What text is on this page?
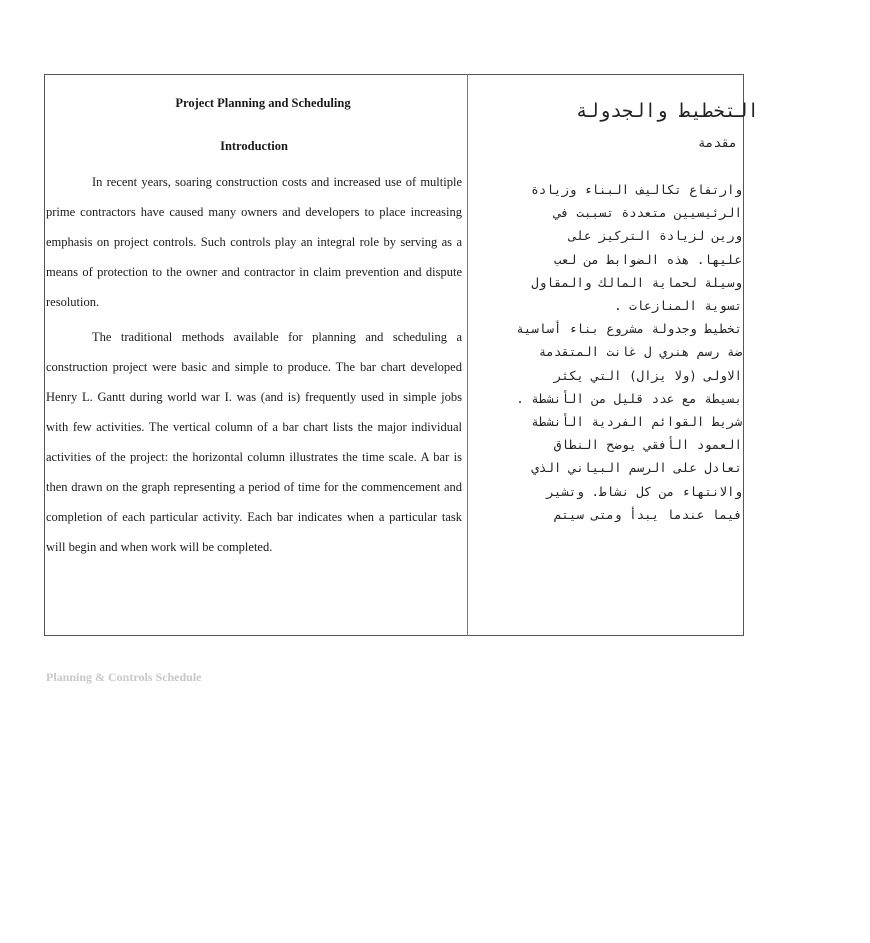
Project Planning and Scheduling
Introduction

In recent years, soaring construction costs and increased use of multiple prime contractors have caused many owners and developers to place increasing emphasis on project controls. Such controls play an integral role by serving as a means of protection to the owner and contractor in claim prevention and dispute resolution.

The traditional methods available for planning and scheduling a construction project were basic and simple to produce. The bar chart developed Henry L. Gantt during world war I. was (and is) frequently used in simple jobs with few activities. The vertical column of a bar chart lists the major individual activities of the project: the horizontal column illustrates the time scale. A bar is then drawn on the graph representing a period of time for the commencement and completion of each particular activity. Each bar indicates when a particular task will begin and when work will be completed.

التخطيط والجدولة
مقدمة
وارتفاع تكاليف البناء وزيادة
الرئيسيين متعددة تسببت في
ورين لزيادة التركيز على
عليها. هذه الضوابط من لعب
وسيلة لحماية المالك والمقاول
تسوية المنازعات .
تخطيط وجدولة مشروع بناء أساسية
ضة رسم هنري ل غانت المتقدمة
الاولى (ولا يزال) التي يكثر
بسيطة مع عدد قليل من الأنشطة .
شريط القوائم الفردية الأنشطة
العمود الأفقي يوضح النطاق
تعادل على الرسم البياني الذي
والانتهاء من كل نشاط. وتشير
فيما عندما يبدأ ومتى سيتم
Planning & Controls Schedule
